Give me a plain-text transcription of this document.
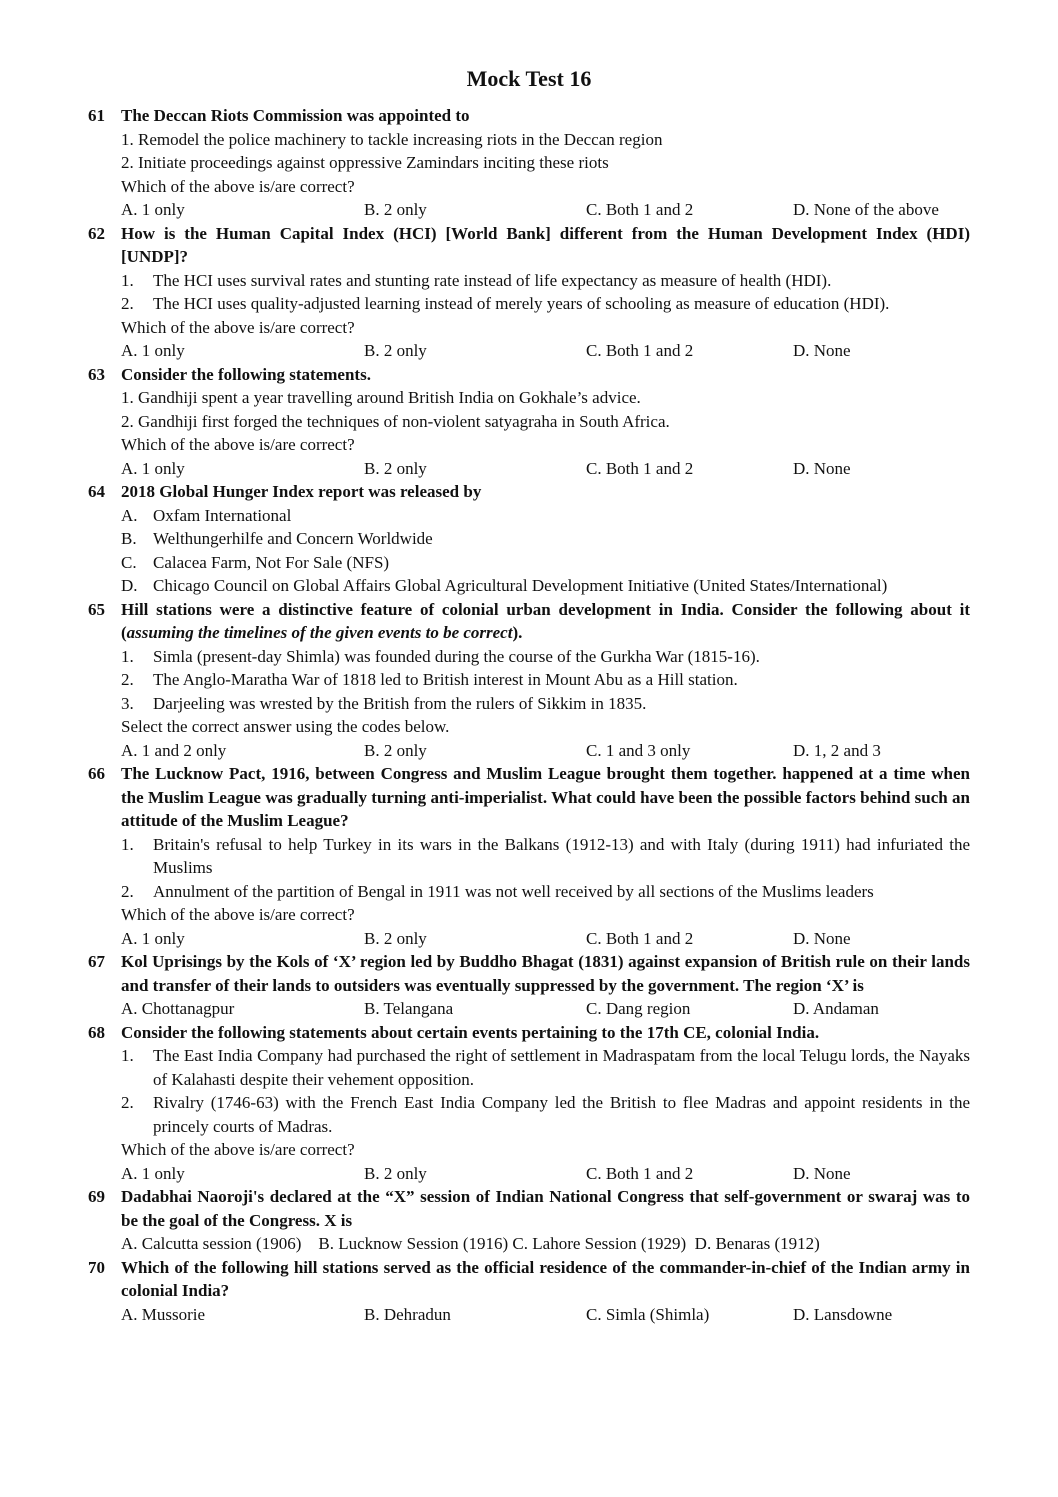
Mock Test 16
61 The Deccan Riots Commission was appointed to
1. Remodel the police machinery to tackle increasing riots in the Deccan region
2. Initiate proceedings against oppressive Zamindars inciting these riots
Which of the above is/are correct?
A. 1 only	B. 2 only	C. Both 1 and 2	D. None of the above
62 How is the Human Capital Index (HCI) [World Bank] different from the Human Development Index (HDI) [UNDP]?
1. The HCI uses survival rates and stunting rate instead of life expectancy as measure of health (HDI).
2. The HCI uses quality-adjusted learning instead of merely years of schooling as measure of education (HDI).
Which of the above is/are correct?
A. 1 only	B. 2 only	C. Both 1 and 2	D. None
63 Consider the following statements.
1. Gandhiji spent a year travelling around British India on Gokhale’s advice.
2. Gandhiji first forged the techniques of non-violent satyagraha in South Africa.
Which of the above is/are correct?
A. 1 only	B. 2 only	C. Both 1 and 2	D. None
64 2018 Global Hunger Index report was released by
A. Oxfam International
B. Welthungerhilfe and Concern Worldwide
C. Calacea Farm, Not For Sale (NFS)
D. Chicago Council on Global Affairs Global Agricultural Development Initiative (United States/International)
65 Hill stations were a distinctive feature of colonial urban development in India. Consider the following about it (assuming the timelines of the given events to be correct).
1. Simla (present-day Shimla) was founded during the course of the Gurkha War (1815-16).
2. The Anglo-Maratha War of 1818 led to British interest in Mount Abu as a Hill station.
3. Darjeeling was wrested by the British from the rulers of Sikkim in 1835.
Select the correct answer using the codes below.
A. 1 and 2 only	B. 2 only	C. 1 and 3 only	D. 1, 2 and 3
66 The Lucknow Pact, 1916, between Congress and Muslim League brought them together. happened at a time when the Muslim League was gradually turning anti-imperialist. What could have been the possible factors behind such an attitude of the Muslim League?
1. Britain's refusal to help Turkey in its wars in the Balkans (1912-13) and with Italy (during 1911) had infuriated the Muslims
2. Annulment of the partition of Bengal in 1911 was not well received by all sections of the Muslims leaders
Which of the above is/are correct?
A. 1 only	B. 2 only	C. Both 1 and 2	D. None
67 Kol Uprisings by the Kols of ‘X’ region led by Buddho Bhagat (1831) against expansion of British rule on their lands and transfer of their lands to outsiders was eventually suppressed by the government. The region ‘X’ is
A. Chottanagpur	B. Telangana	C. Dang region	D. Andaman
68 Consider the following statements about certain events pertaining to the 17th CE, colonial India.
1. The East India Company had purchased the right of settlement in Madraspatam from the local Telugu lords, the Nayaks of Kalahasti despite their vehement opposition.
2. Rivalry (1746-63) with the French East India Company led the British to flee Madras and appoint residents in the princely courts of Madras.
Which of the above is/are correct?
A. 1 only	B. 2 only	C. Both 1 and 2	D. None
69 Dadabhai Naoroji's declared at the “X” session of Indian National Congress that self-government or swaraj was to be the goal of the Congress. X is
A. Calcutta session (1906)    B. Lucknow Session (1916) C. Lahore Session (1929)  D. Benaras (1912)
70 Which of the following hill stations served as the official residence of the commander-in-chief of the Indian army in colonial India?
A. Mussorie	B. Dehradun	C. Simla (Shimla)	D. Lansdowne
